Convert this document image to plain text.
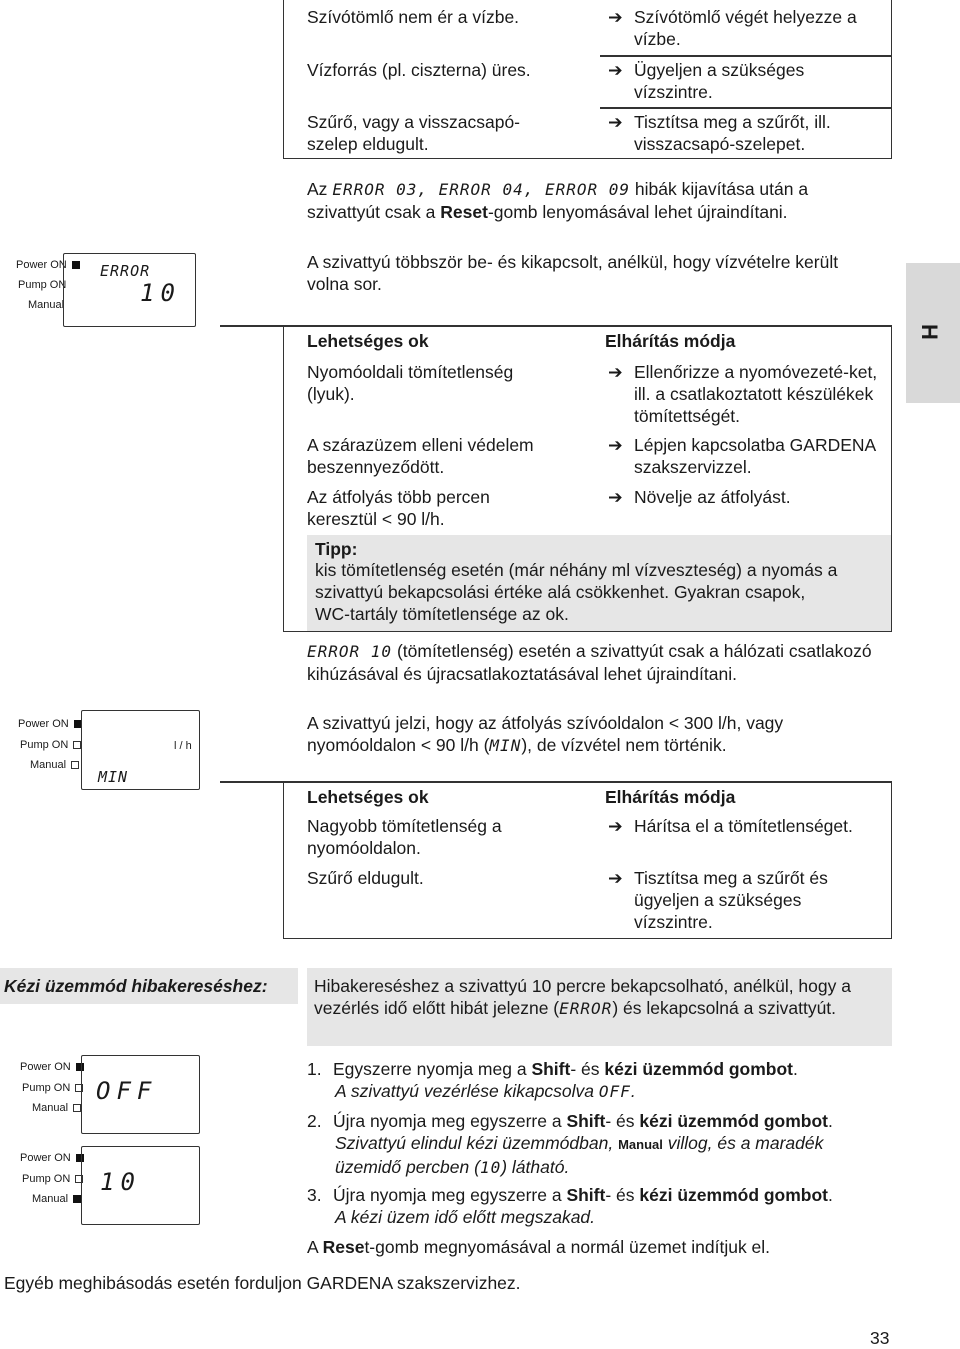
Szívótömlő nem ér a vízbe.	➔ Szívótömlő végét helyezze a vízbe.
Vízforrás (pl. ciszterna) üres.	➔ Ügyeljen a szükséges vízszintre.
Szűrő, vagy a visszacsapó-szelep eldugult.
➔ Tisztítsa meg a szűrőt, ill. visszacsapó-szelepet.
Az ERROR 03, ERROR 04, ERROR 09 hibák kijavítása után a szivattyút csak a Reset-gomb lenyomásával lehet újraindítani.
Power ON
Pump ON
Manual
ERROR
10
A szivattyú többször be- és kikapcsolt, anélkül, hogy vízvételre került volna sor.
Lehetséges ok	Elhárítás módja
Nyomóoldali tömítetlenség (lyuk).
➔ Ellenőrizze a nyomóvezeté-ket, ill. a csatlakoztatott készülékek tömítettségét.
A szárazüzem elleni védelem beszennyeződött.
➔ Lépjen kapcsolatba GARDENA szakszervizzel.
Az átfolyás több percen keresztül < 90 l/h.
➔ Növelje az átfolyást.
Tipp:
kis tömítetlenség esetén (már néhány ml vízveszteség) a nyomás a szivattyú bekapcsolási értéke alá csökkenhet. Gyakran csapok, WC-tartály tömítetlensége az ok.
ERROR 10 (tömítetlenség) esetén a szivattyút csak a hálózati csatlakozó kihúzásával és újracsatlakoztatásával lehet újraindítani.
H
Power ON
Pump ON
Manual
l / h
MIN
A szivattyú jelzi, hogy az átfolyás szívóoldalon < 300 l/h, vagy nyomóoldalon < 90 l/h (MIN), de vízvétel nem történik.
Lehetséges ok	Elhárítás módja
Nagyobb tömítetlenség a nyomóoldalon.
➔ Hárítsa el a tömítetlenséget.
Szűrő eldugult.	➔ Tisztítsa meg a szűrőt és ügyeljen a szükséges vízszintre.
Kézi üzemmód hibakereséshez:	Hibakereséshez a szivattyú 10 percre bekapcsolható, anélkül, hogy a vezérlés idő előtt hibát jelezne (ERROR) és lekapcsolná a szivattyút.
Power ON
Pump ON
Manual
OFF
Power ON
Pump ON
Manual
10
1. Egyszerre nyomja meg a Shift- és kézi üzemmód gombot.
A szivattyú vezérlése kikapcsolva OFF.
2. Újra nyomja meg egyszerre a Shift- és kézi üzemmód gombot.
Szivattyú elindul kézi üzemmódban, Manual villog, és a maradék üzemidő percben (10) látható.
3. Újra nyomja meg egyszerre a Shift- és kézi üzemmód gombot.
A kézi üzem idő előtt megszakad.
A Reset-gomb megnyomásával a normál üzemet indítjuk el.
Egyéb meghibásodás esetén forduljon GARDENA szakszervizhez.
33
